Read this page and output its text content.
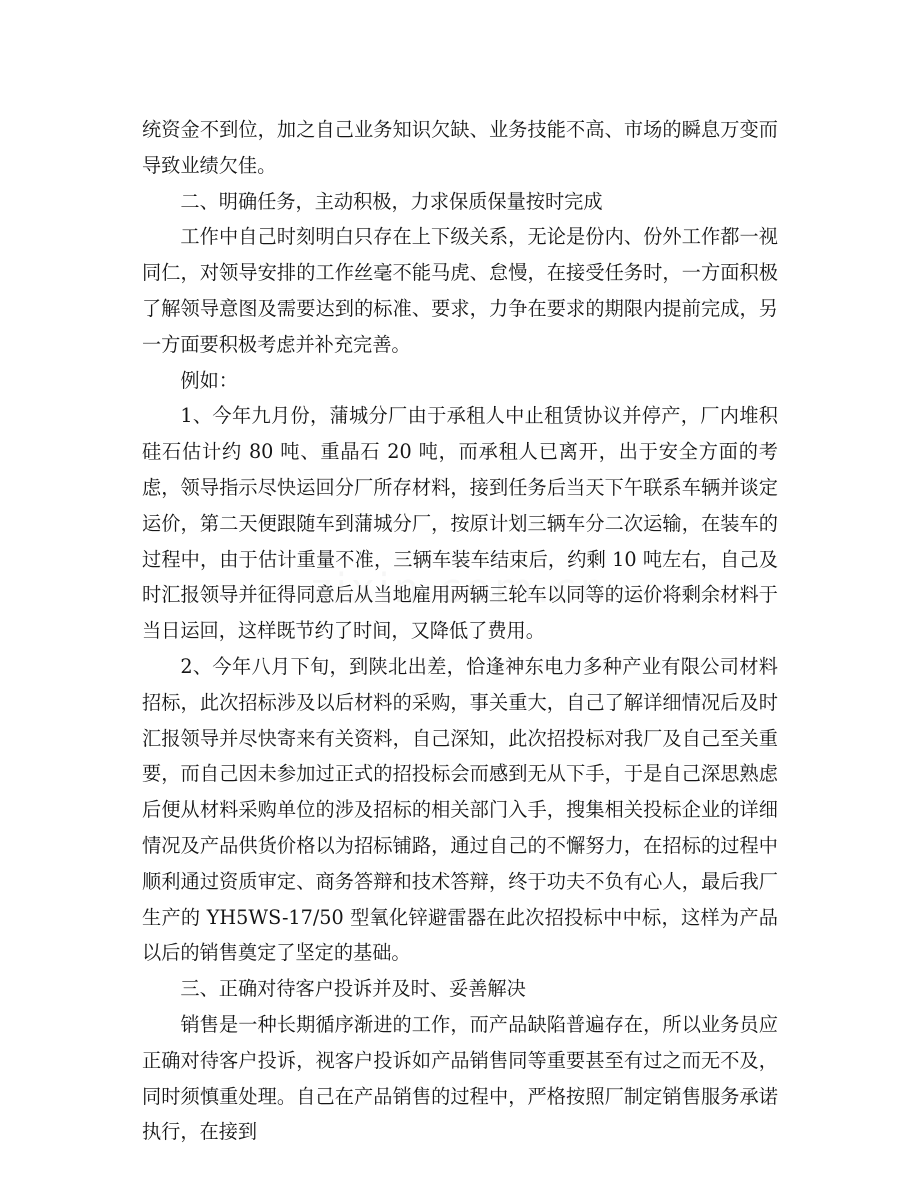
统资金不到位，加之自己业务知识欠缺、业务技能不高、市场的瞬息万变而导致业绩欠佳。

二、明确任务，主动积极，力求保质保量按时完成

工作中自己时刻明白只存在上下级关系，无论是份内、份外工作都一视同仁，对领导安排的工作丝毫不能马虎、怠慢，在接受任务时，一方面积极了解领导意图及需要达到的标准、要求，力争在要求的期限内提前完成，另一方面要积极考虑并补充完善。

例如：

1、今年九月份，蒲城分厂由于承租人中止租赁协议并停产，厂内堆积硅石估计约 80 吨、重晶石 20 吨，而承租人已离开，出于安全方面的考虑，领导指示尽快运回分厂所存材料，接到任务后当天下午联系车辆并谈定运价，第二天便跟随车到蒲城分厂，按原计划三辆车分二次运输，在装车的过程中，由于估计重量不准，三辆车装车结束后，约剩 10 吨左右，自己及时汇报领导并征得同意后从当地雇用两辆三轮车以同等的运价将剩余材料于当日运回，这样既节约了时间，又降低了费用。

2、今年八月下旬，到陕北出差，恰逢神东电力多种产业有限公司材料招标，此次招标涉及以后材料的采购，事关重大，自己了解详细情况后及时汇报领导并尽快寄来有关资料，自己深知，此次招投标对我厂及自己至关重要，而自己因未参加过正式的招投标会而感到无从下手，于是自己深思熟虑后便从材料采购单位的涉及招标的相关部门入手，搜集相关投标企业的详细情况及产品供货价格以为招标铺路，通过自己的不懈努力，在招标的过程中顺利通过资质审定、商务答辩和技术答辩，终于功夫不负有心人，最后我厂生产的 YH5WS-17/50 型氧化锌避雷器在此次招投标中中标，这样为产品以后的销售奠定了坚定的基础。

三、正确对待客户投诉并及时、妥善解决

销售是一种长期循序渐进的工作，而产品缺陷普遍存在，所以业务员应正确对待客户投诉，视客户投诉如产品销售同等重要甚至有过之而无不及，同时须慎重处理。自己在产品销售的过程中，严格按照厂制定销售服务承诺执行，在接到
